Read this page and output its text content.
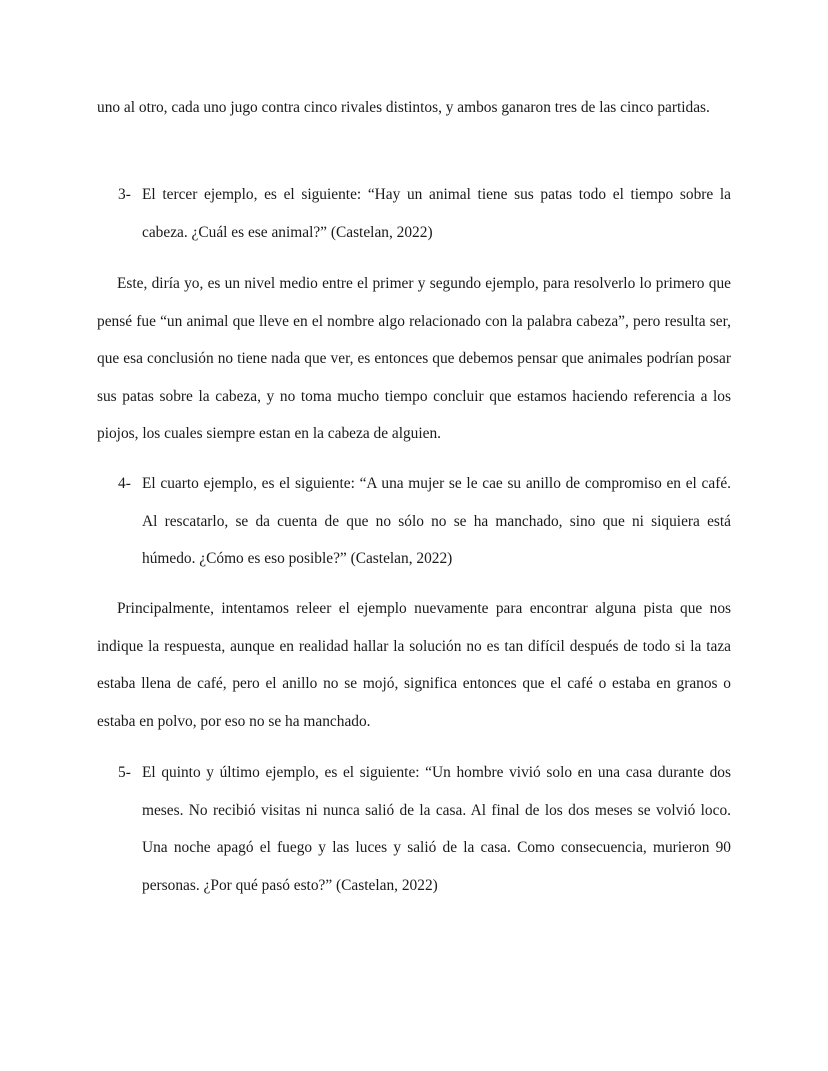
uno al otro, cada uno jugo contra cinco rivales distintos, y ambos ganaron tres de las cinco partidas.

3- El tercer ejemplo, es el siguiente: “Hay un animal tiene sus patas todo el tiempo sobre la cabeza. ¿Cuál es ese animal?” (Castelan, 2022)

Este, diría yo, es un nivel medio entre el primer y segundo ejemplo, para resolverlo lo primero que pensé fue “un animal que lleve en el nombre algo relacionado con la palabra cabeza”, pero resulta ser, que esa conclusión no tiene nada que ver, es entonces que debemos pensar que animales podrían posar sus patas sobre la cabeza, y no toma mucho tiempo concluir que estamos haciendo referencia a los piojos, los cuales siempre estan en la cabeza de alguien.

4- El cuarto ejemplo, es el siguiente: “A una mujer se le cae su anillo de compromiso en el café. Al rescatarlo, se da cuenta de que no sólo no se ha manchado, sino que ni siquiera está húmedo. ¿Cómo es eso posible?” (Castelan, 2022)

Principalmente, intentamos releer el ejemplo nuevamente para encontrar alguna pista que nos indique la respuesta, aunque en realidad hallar la solución no es tan difícil después de todo si la taza estaba llena de café, pero el anillo no se mojó, significa entonces que el café o estaba en granos o estaba en polvo, por eso no se ha manchado.

5- El quinto y último ejemplo, es el siguiente: “Un hombre vivió solo en una casa durante dos meses. No recibió visitas ni nunca salió de la casa. Al final de los dos meses se volvió loco. Una noche apagó el fuego y las luces y salió de la casa. Como consecuencia, murieron 90 personas. ¿Por qué pasó esto?” (Castelan, 2022)
